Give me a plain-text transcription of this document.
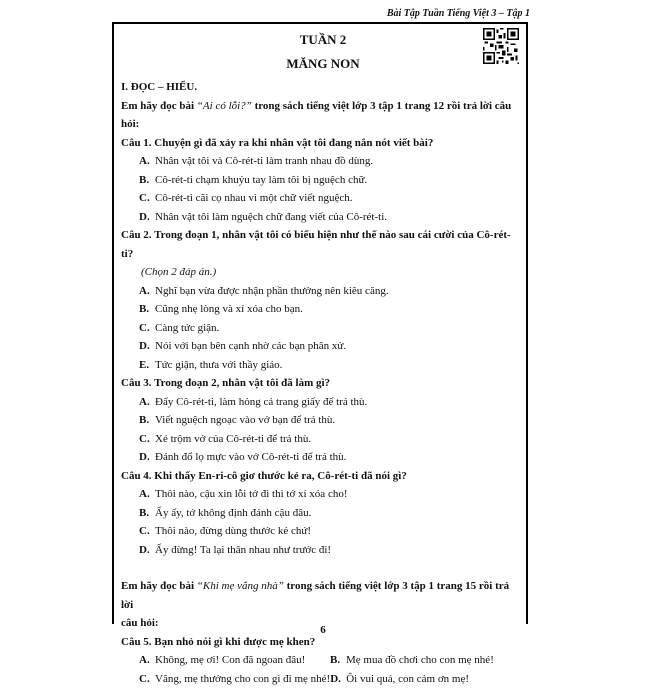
Bài Tập Tuần Tiếng Việt 3 – Tập 1
TUẦN 2
MĂNG NON
I. ĐỌC – HIỂU.
Em hãy đọc bài “Ai có lỗi?” trong sách tiếng việt lớp 3 tập 1 trang 12 rồi trả lời câu hỏi:
Câu 1. Chuyện gì đã xảy ra khi nhân vật tôi đang nắn nót viết bài?
A. Nhân vật tôi và Cô-rét-ti làm tranh nhau đồ dùng.
B. Cô-rét-ti chạm khuỷu tay làm tôi bị nguệch chữ.
C. Cô-rét-ti cãi cọ nhau vì một chữ viết nguệch.
D. Nhân vật tôi làm nguệch chữ đang viết của Cô-rét-ti.
Câu 2. Trong đoạn 1, nhân vật tôi có biểu hiện như thế nào sau cái cười của Cô-rét-ti?
(Chọn 2 đáp án.)
A. Nghĩ bạn vừa được nhận phần thưởng nên kiêu căng.
B. Cũng nhẹ lòng và xí xóa cho bạn.
C. Càng tức giận.
D. Nói với bạn bên cạnh nhờ các bạn phân xử.
E. Tức giận, thưa với thầy giáo.
Câu 3. Trong đoạn 2, nhân vật tôi đã làm gì?
A. Đẩy Cô-rét-ti, làm hỏng cả trang giấy để trả thù.
B. Viết nguệch ngoạc vào vở bạn để trả thù.
C. Xé trộm vở của Cô-rét-ti để trả thù.
D. Đánh đổ lọ mực vào vở Cô-rét-ti để trả thù.
Câu 4. Khi thấy En-ri-cô giơ thước kẻ ra, Cô-rét-ti đã nói gì?
A. Thôi nào, cậu xin lỗi tớ đi thì tớ xí xóa cho!
B. Ấy ấy, tớ không định đánh cậu đâu.
C. Thôi nào, đừng dùng thước kẻ chứ!
D. Ấy đừng! Ta lại thân nhau như trước đi!
Em hãy đọc bài “Khi mẹ vắng nhà” trong sách tiếng việt lớp 3 tập 1 trang 15 rồi trả lời
câu hỏi:
Câu 5. Bạn nhỏ nói gì khi được mẹ khen?
A. Không, mẹ ơi! Con đã ngoan đâu!	B. Mẹ mua đồ chơi cho con mẹ nhé!
C. Vâng, mẹ thưởng cho con gì đi mẹ nhé! D. Ôi vui quá, con cảm ơn mẹ!
6
